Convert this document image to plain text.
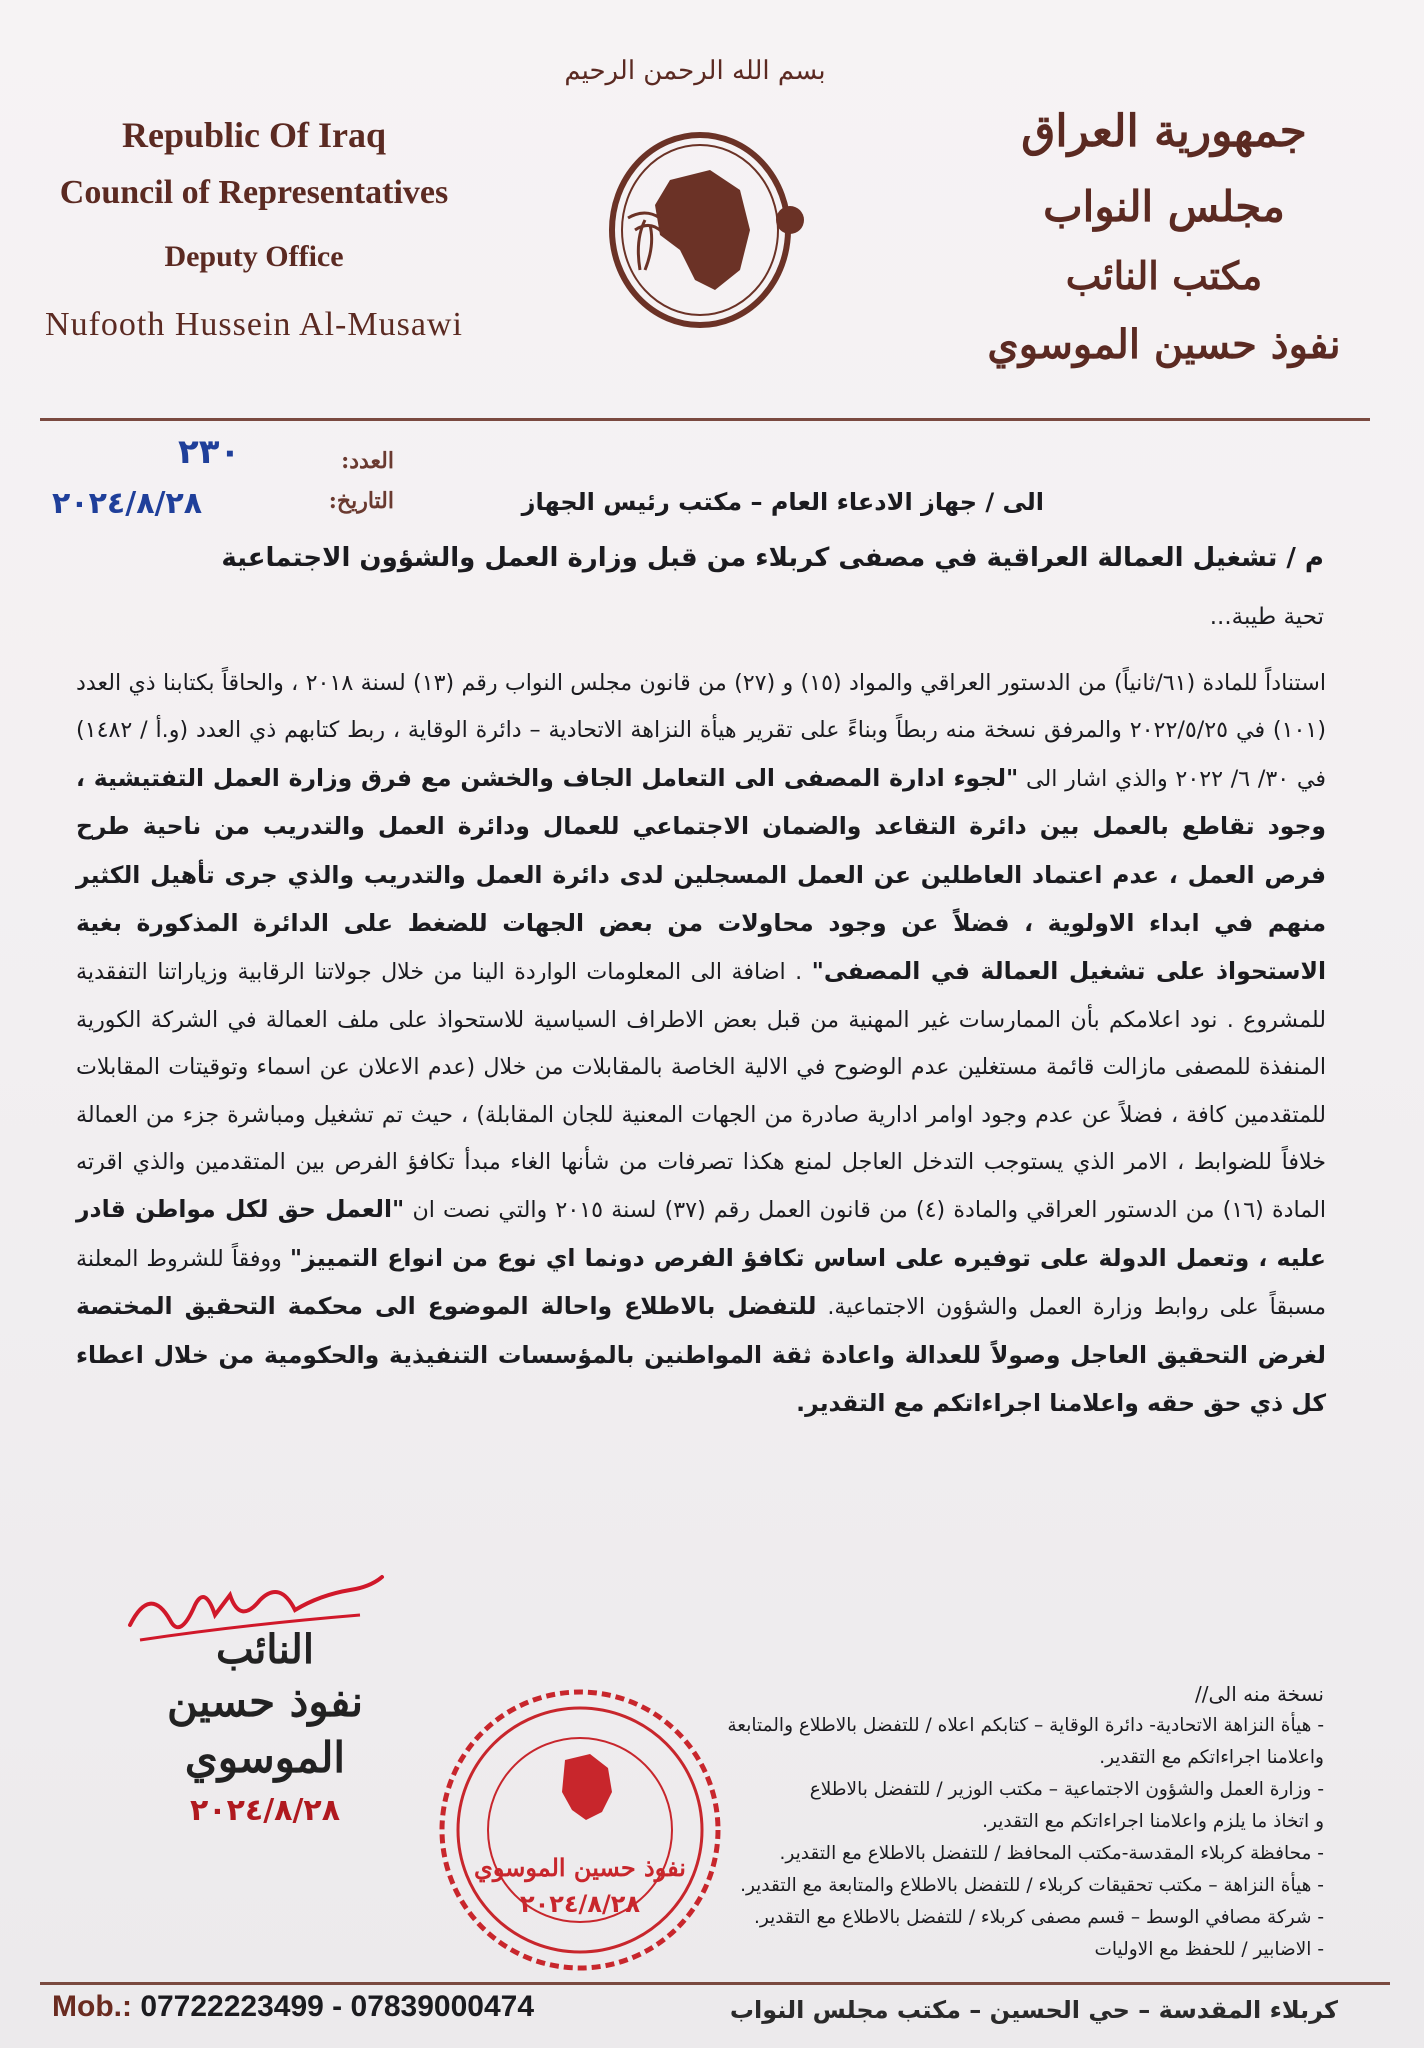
Republic Of Iraq
Council of Representatives
Deputy Office
Nufooth Hussein Al-Musawi
بسم الله الرحمن الرحيم
جمهورية العراق
مجلس النواب
مكتب النائب
نفوذ حسين الموسوي
العدد:
٢٣٠
التاريخ:
٢٠٢٤/٨/٢٨	الى / جهاز الادعاء العام – مكتب رئيس الجهاز
م / تشغيل العمالة العراقية في مصفى كربلاء من قبل وزارة العمل والشؤون الاجتماعية
تحية طيبة...
استناداً للمادة (٦١/ثانياً) من الدستور العراقي والمواد (١٥) و (٢٧) من قانون مجلس النواب رقم (١٣) لسنة ٢٠١٨ ، والحاقاً بكتابنا ذي العدد (١٠١) في ٢٠٢٢/٥/٢٥ والمرفق نسخة منه ربطاً وبناءً على تقرير هيأة النزاهة الاتحادية – دائرة الوقاية ، ربط كتابهم ذي العدد (و.أ / ١٤٨٢) في ٣٠/ ٦/ ٢٠٢٢ والذي اشار الى "لجوء ادارة المصفى الى التعامل الجاف والخشن مع فرق وزارة العمل التفتيشية ، وجود تقاطع بالعمل بين دائرة التقاعد والضمان الاجتماعي للعمال ودائرة العمل والتدريب من ناحية طرح فرص العمل ، عدم اعتماد العاطلين عن العمل المسجلين لدى دائرة العمل والتدريب والذي جرى تأهيل الكثير منهم في ابداء الاولوية ، فضلاً عن وجود محاولات من بعض الجهات للضغط على الدائرة المذكورة بغية الاستحواذ على تشغيل العمالة في المصفى" . اضافة الى المعلومات الواردة الينا من خلال جولاتنا الرقابية وزياراتنا التفقدية للمشروع . نود اعلامكم بأن الممارسات غير المهنية من قبل بعض الاطراف السياسية للاستحواذ على ملف العمالة في الشركة الكورية المنفذة للمصفى مازالت قائمة مستغلين عدم الوضوح في الالية الخاصة بالمقابلات من خلال (عدم الاعلان عن اسماء وتوقيتات المقابلات للمتقدمين كافة ، فضلاً عن عدم وجود اوامر ادارية صادرة من الجهات المعنية للجان المقابلة) ، حيث تم تشغيل ومباشرة جزء من العمالة خلافاً للضوابط ، الامر الذي يستوجب التدخل العاجل لمنع هكذا تصرفات من شأنها الغاء مبدأ تكافؤ الفرص بين المتقدمين والذي اقرته المادة (١٦) من الدستور العراقي والمادة (٤) من قانون العمل رقم (٣٧) لسنة ٢٠١٥ والتي نصت ان "العمل حق لكل مواطن قادر عليه ، وتعمل الدولة على توفيره على اساس تكافؤ الفرص دونما اي نوع من انواع التمييز" ووفقاً للشروط المعلنة مسبقاً على روابط وزارة العمل والشؤون الاجتماعية. للتفضل بالاطلاع واحالة الموضوع الى محكمة التحقيق المختصة لغرض التحقيق العاجل وصولاً للعدالة واعادة ثقة المواطنين بالمؤسسات التنفيذية والحكومية من خلال اعطاء كل ذي حق حقه واعلامنا اجراءاتكم مع التقدير.
نسخة منه الى//
- هيأة النزاهة الاتحادية- دائرة الوقاية – كتابكم اعلاه / للتفضل بالاطلاع والمتابعة
واعلامنا اجراءاتكم مع التقدير.
- وزارة العمل والشؤون الاجتماعية – مكتب الوزير / للتفضل بالاطلاع
و اتخاذ ما يلزم واعلامنا اجراءاتكم مع التقدير.
- محافظة كربلاء المقدسة-مكتب المحافظ / للتفضل بالاطلاع مع التقدير.
- هيأة النزاهة – مكتب تحقيقات كربلاء / للتفضل بالاطلاع والمتابعة مع التقدير.
- شركة مصافي الوسط – قسم مصفى كربلاء / للتفضل بالاطلاع مع التقدير.
- الاضابير / للحفظ مع الاوليات
النائب
نفوذ حسين الموسوي
٢٠٢٤/٨/٢٨
نفوذ حسين الموسوي
٢٠٢٤/٨/٢٨
Mob.: 07722223499 - 07839000474	كربلاء المقدسة – حي الحسين – مكتب مجلس النواب
